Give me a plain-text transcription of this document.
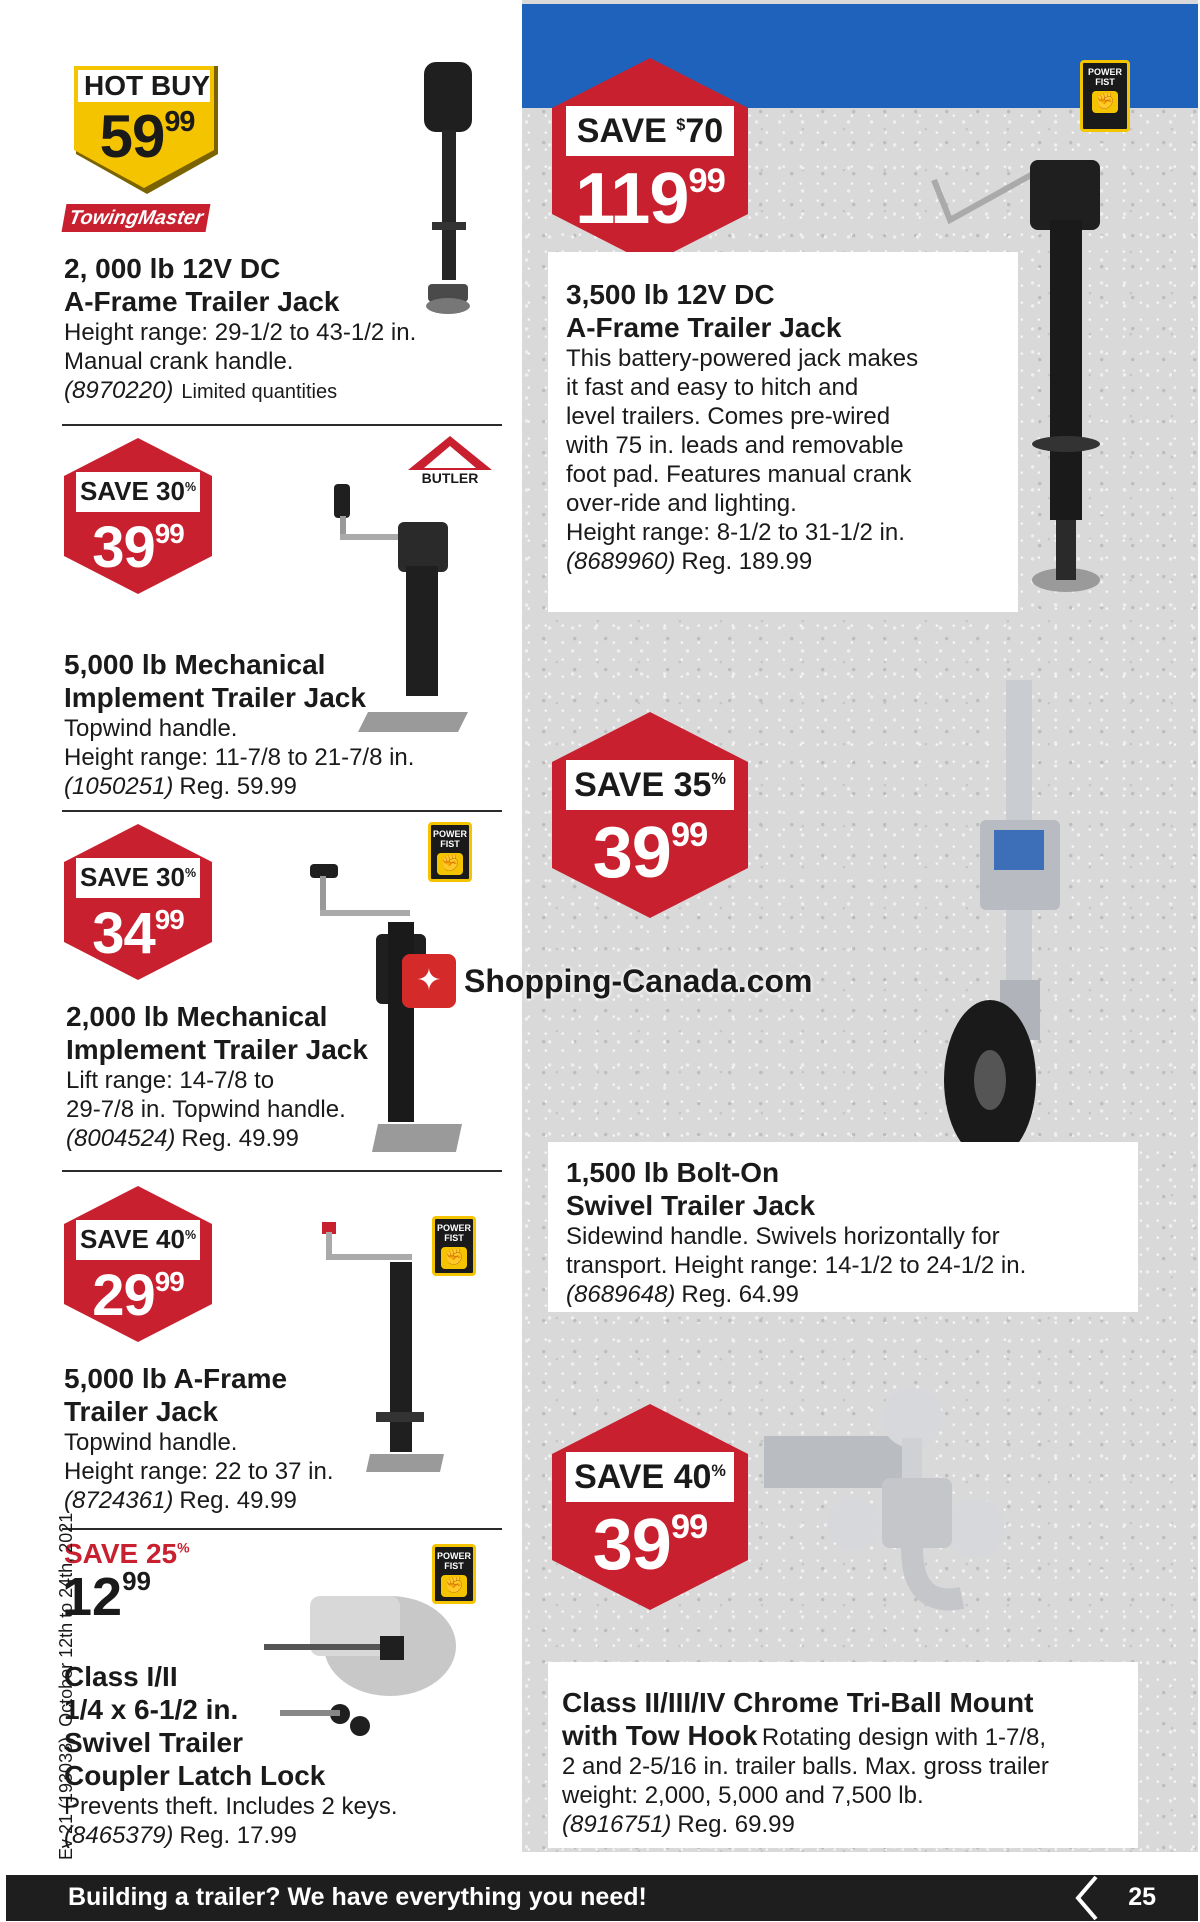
HOT BUY
$59^{99}$
TowingMaster
2, 000 lb 12V DC
A-Frame Trailer Jack
Height range: 29-1/2 to 43-1/2 in.
Manual crank handle.
(8970220) Limited quantities
SAVE 30%
$39^{99}$
BUTLER
5,000 lb Mechanical
Implement Trailer Jack
Topwind handle.
Height range: 11-7/8 to 21-7/8 in.
(1050251) Reg. 59.99
SAVE 30%
$34^{99}$
POWER
FIST
✊
2,000 lb Mechanical
Implement Trailer Jack
Lift range: 14-7/8 to
29-7/8 in. Topwind handle.
(8004524) Reg. 49.99
SAVE 40%
$29^{99}$
POWER
FIST
✊
5,000 lb A-Frame
Trailer Jack
Topwind handle.
Height range: 22 to 37 in.
(8724361) Reg. 49.99
SAVE 25%
$12^{99}$
POWER
FIST
✊
Class I/II
1/4 x 6-1/2 in.
Swivel Trailer
Coupler Latch Lock
Prevents theft. Includes 2 keys.
(8465379) Reg. 17.99
SAVE $70
$119^{99}$
POWER
FIST
✊
3,500 lb 12V DC
A-Frame Trailer Jack
This battery-powered jack makes
it fast and easy to hitch and
level trailers. Comes pre-wired
with 75 in. leads and removable
foot pad. Features manual crank
over-ride and lighting.
Height range: 8-1/2 to 31-1/2 in.
(8689960) Reg. 189.99
SAVE 35%
$39^{99}$
1,500 lb Bolt-On
Swivel Trailer Jack
Sidewind handle. Swivels horizontally for
transport. Height range: 14-1/2 to 24-1/2 in.
(8689648) Reg. 64.99
SAVE 40%
$39^{99}$
Class II/III/IV Chrome Tri-Ball Mount
with Tow Hook Rotating design with 1-7/8,
2 and 2-5/16 in. trailer balls. Max. gross trailer
weight: 2,000, 5,000 and 7,500 lb.
(8916751) Reg. 69.99
✦ Shopping-Canada.com
Ev 21 (193033), October 12th to 24th, 2021
Building a trailer? We have everything you need!	25
